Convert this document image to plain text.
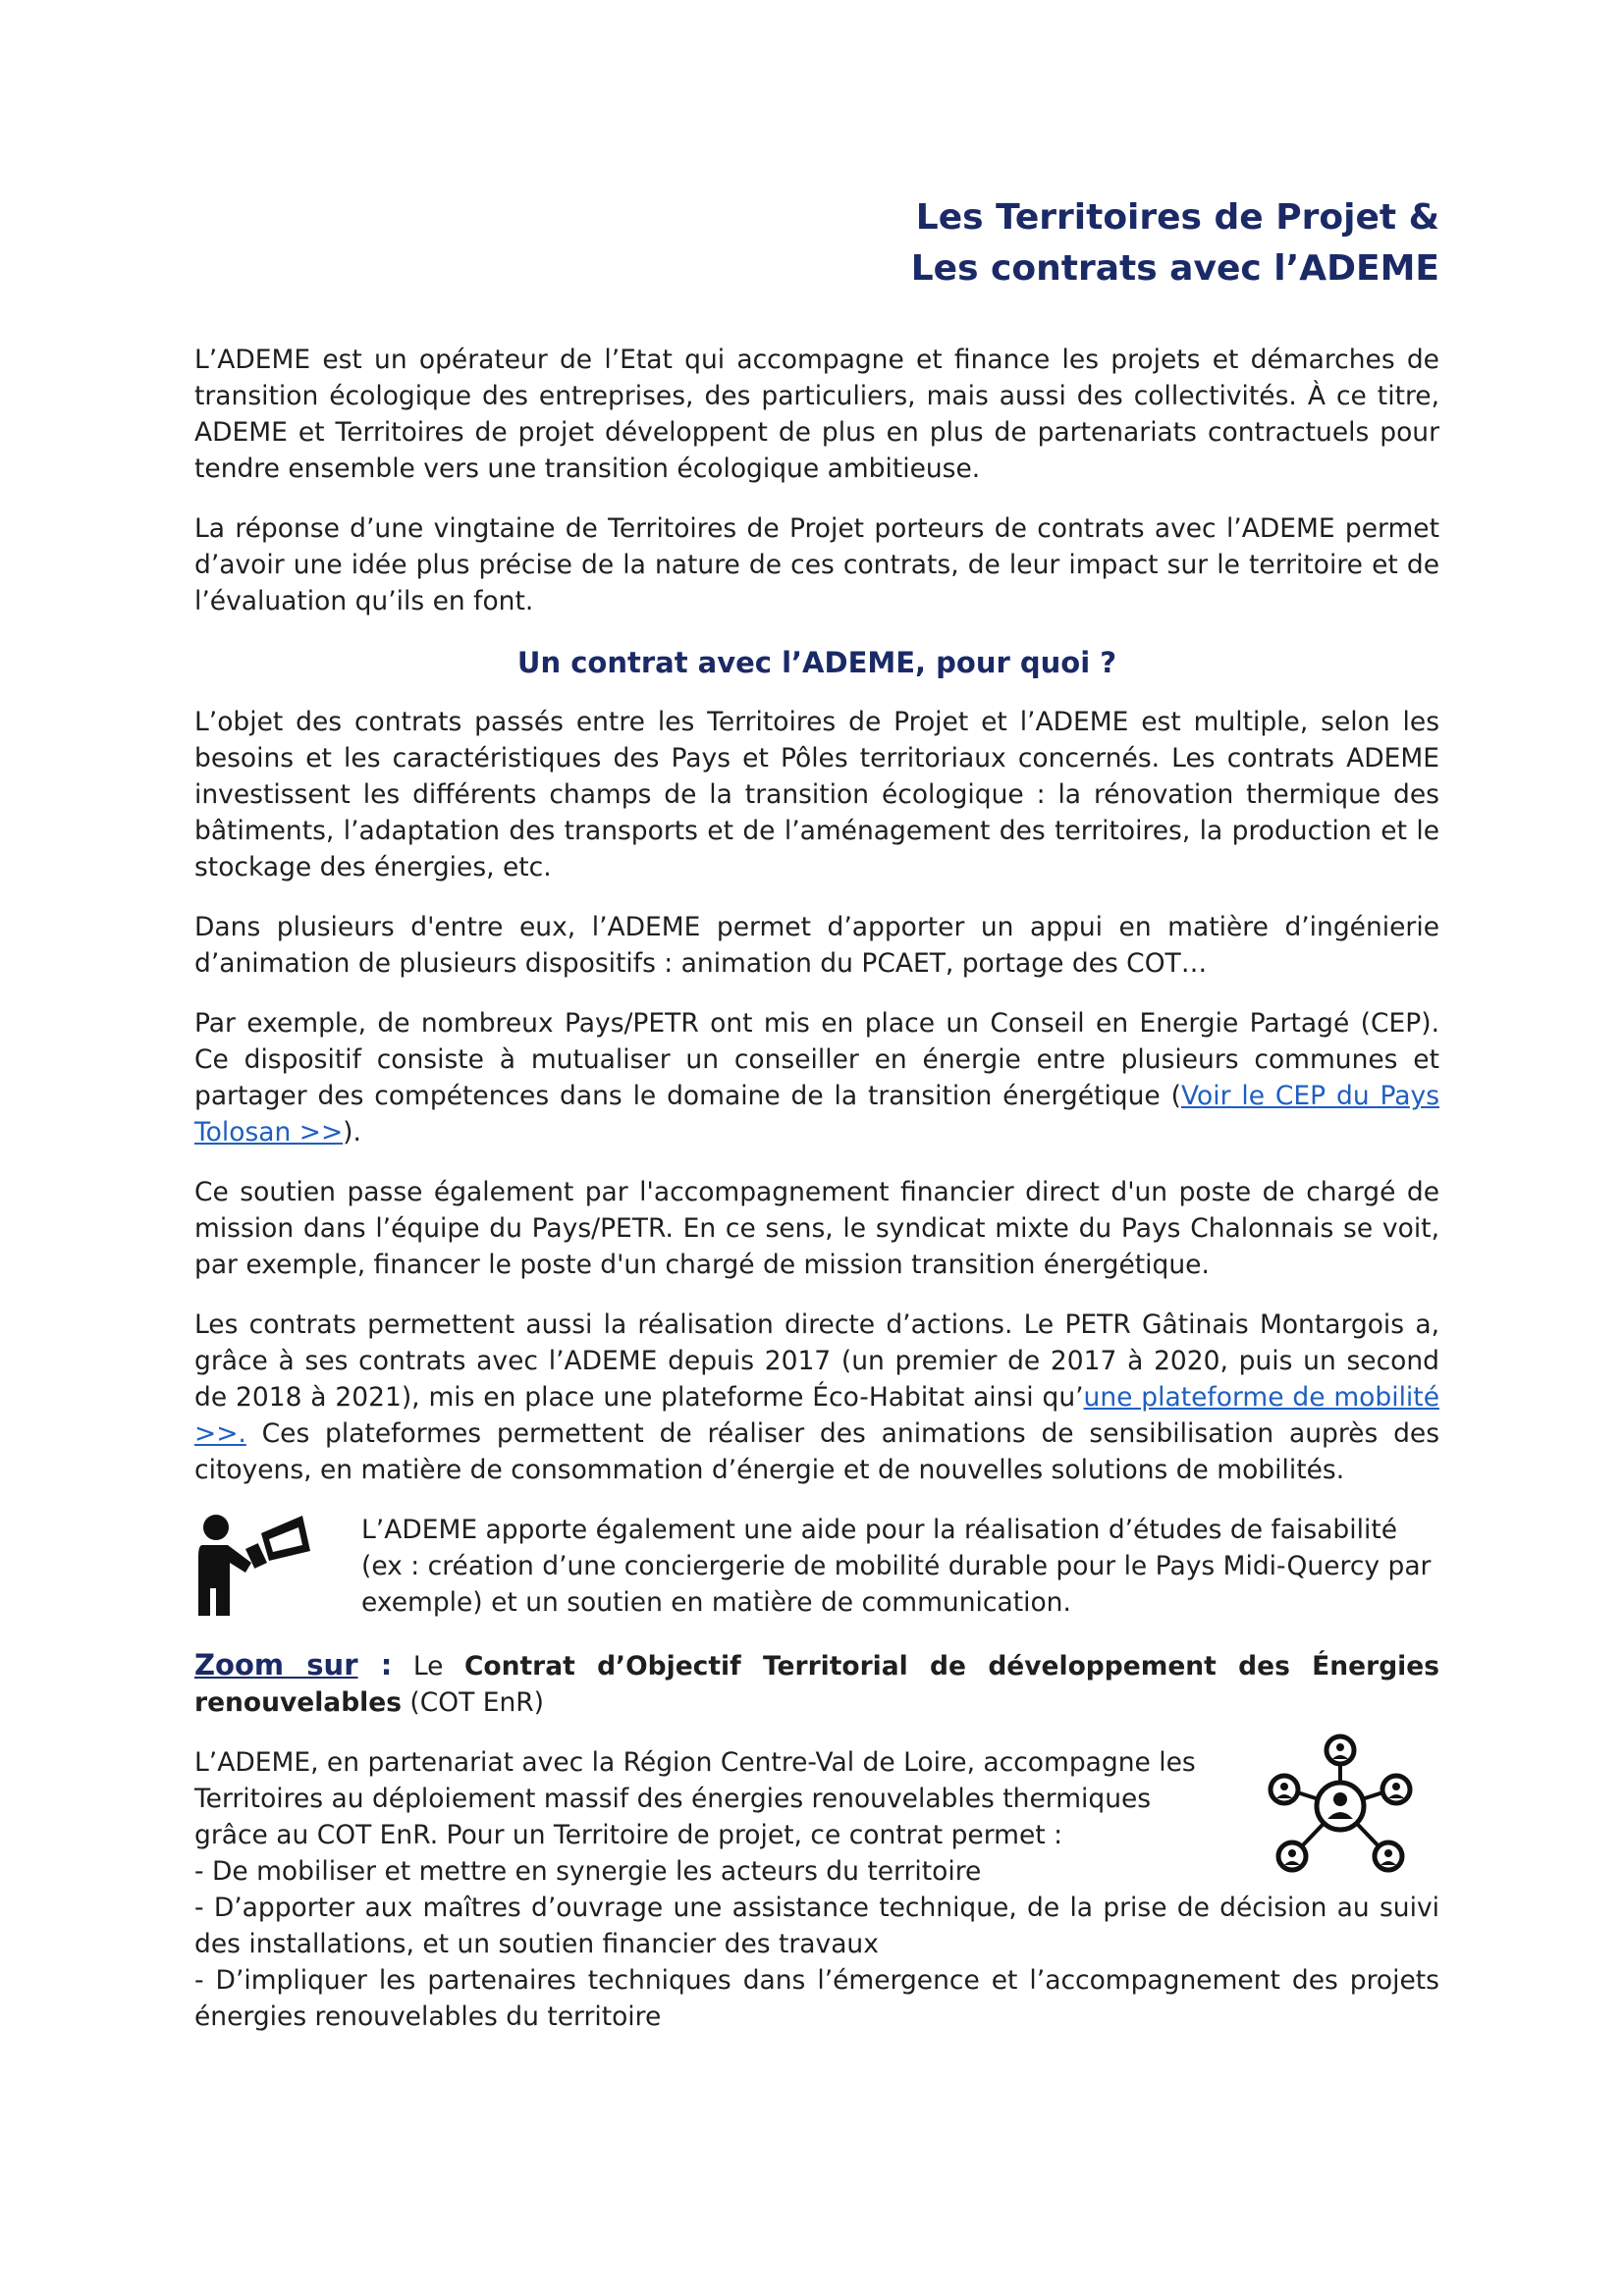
Les Territoires de Projet &
Les contrats avec l’ADEME

L’ADEME est un opérateur de l’Etat qui accompagne et finance les projets et démarches de transition écologique des entreprises, des particuliers, mais aussi des collectivités. À ce titre, ADEME et Territoires de projet développent de plus en plus de partenariats contractuels pour tendre ensemble vers une transition écologique ambitieuse.

La réponse d’une vingtaine de Territoires de Projet porteurs de contrats avec l’ADEME permet d’avoir une idée plus précise de la nature de ces contrats, de leur impact sur le territoire et de l’évaluation qu’ils en font.

Un contrat avec l’ADEME, pour quoi ?

L’objet des contrats passés entre les Territoires de Projet et l’ADEME est multiple, selon les besoins et les caractéristiques des Pays et Pôles territoriaux concernés. Les contrats ADEME investissent les différents champs de la transition écologique : la rénovation thermique des bâtiments, l’adaptation des transports et de l’aménagement des territoires, la production et le stockage des énergies, etc.

Dans plusieurs d'entre eux, l’ADEME permet d’apporter un appui en matière d’ingénierie d’animation de plusieurs dispositifs : animation du PCAET, portage des COT…

Par exemple, de nombreux Pays/PETR ont mis en place un Conseil en Energie Partagé (CEP). Ce dispositif consiste à mutualiser un conseiller en énergie entre plusieurs communes et partager des compétences dans le domaine de la transition énergétique (Voir le CEP du Pays Tolosan >>).

Ce soutien passe également par l'accompagnement financier direct d'un poste de chargé de mission dans l’équipe du Pays/PETR. En ce sens, le syndicat mixte du Pays Chalonnais se voit, par exemple, financer le poste d'un chargé de mission transition énergétique.

Les contrats permettent aussi la réalisation directe d’actions. Le PETR Gâtinais Montargois a, grâce à ses contrats avec l’ADEME depuis 2017 (un premier de 2017 à 2020, puis un second de 2018 à 2021), mis en place une plateforme Éco-Habitat ainsi qu’une plateforme de mobilité >>. Ces plateformes permettent de réaliser des animations de sensibilisation auprès des citoyens, en matière de consommation d’énergie et de nouvelles solutions de mobilités.

L’ADEME apporte également une aide pour la réalisation d’études de faisabilité (ex : création d’une conciergerie de mobilité durable pour le Pays Midi-Quercy par exemple) et un soutien en matière de communication.

Zoom sur : Le Contrat d’Objectif Territorial de développement des Énergies renouvelables (COT EnR)

L’ADEME, en partenariat avec la Région Centre-Val de Loire, accompagne les
Territoires au déploiement massif des énergies renouvelables thermiques
grâce au COT EnR. Pour un Territoire de projet, ce contrat permet :

- De mobiliser et mettre en synergie les acteurs du territoire

- D’apporter aux maîtres d’ouvrage une assistance technique, de la prise de décision au suivi des installations, et un soutien financier des travaux

- D’impliquer les partenaires techniques dans l’émergence et l’accompagnement des projets énergies renouvelables du territoire
